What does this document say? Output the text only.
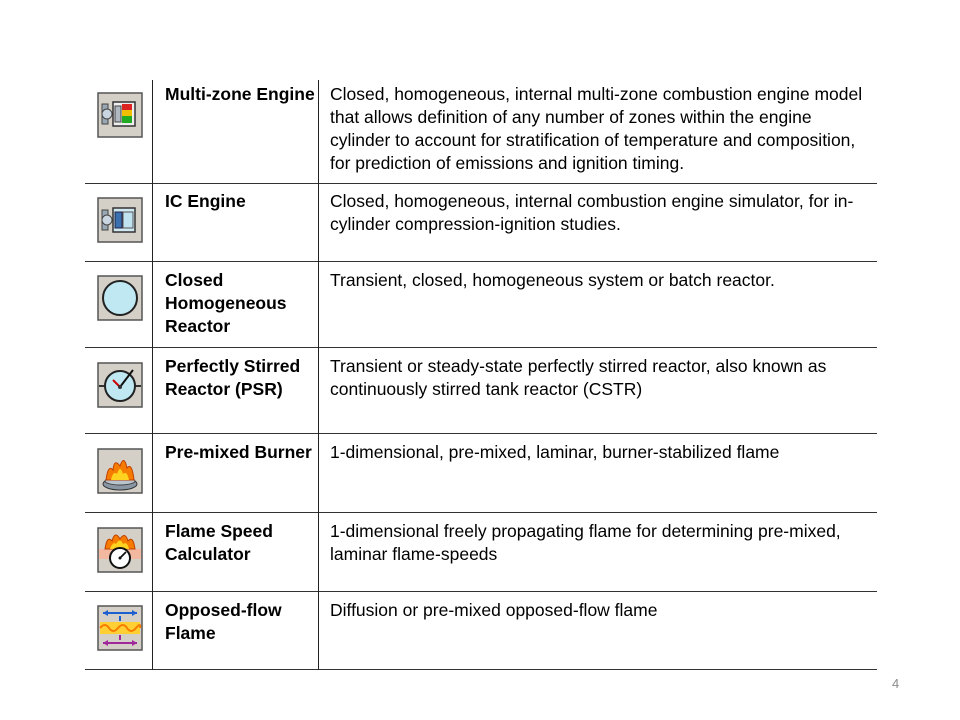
Multi-zone Engine Closed, homogeneous, internal multi-zone combustion engine model that allows definition of any number of zones within the engine cylinder to account for stratification of temperature and composition, for prediction of emissions and ignition timing.
IC Engine	Closed, homogeneous, internal combustion engine simulator, for in-cylinder compression-ignition studies.
Closed Homogeneous Reactor
Transient, closed, homogeneous system or batch reactor.
Perfectly Stirred Reactor (PSR)
Transient or steady-state perfectly stirred reactor, also known as continuously stirred tank reactor (CSTR)
Pre-mixed Burner 1-dimensional, pre-mixed, laminar, burner-stabilized flame
Flame Speed Calculator
1-dimensional freely propagating flame for determining pre-mixed, laminar flame-speeds
Opposed-flow Flame
Diffusion or pre-mixed opposed-flow flame
4
